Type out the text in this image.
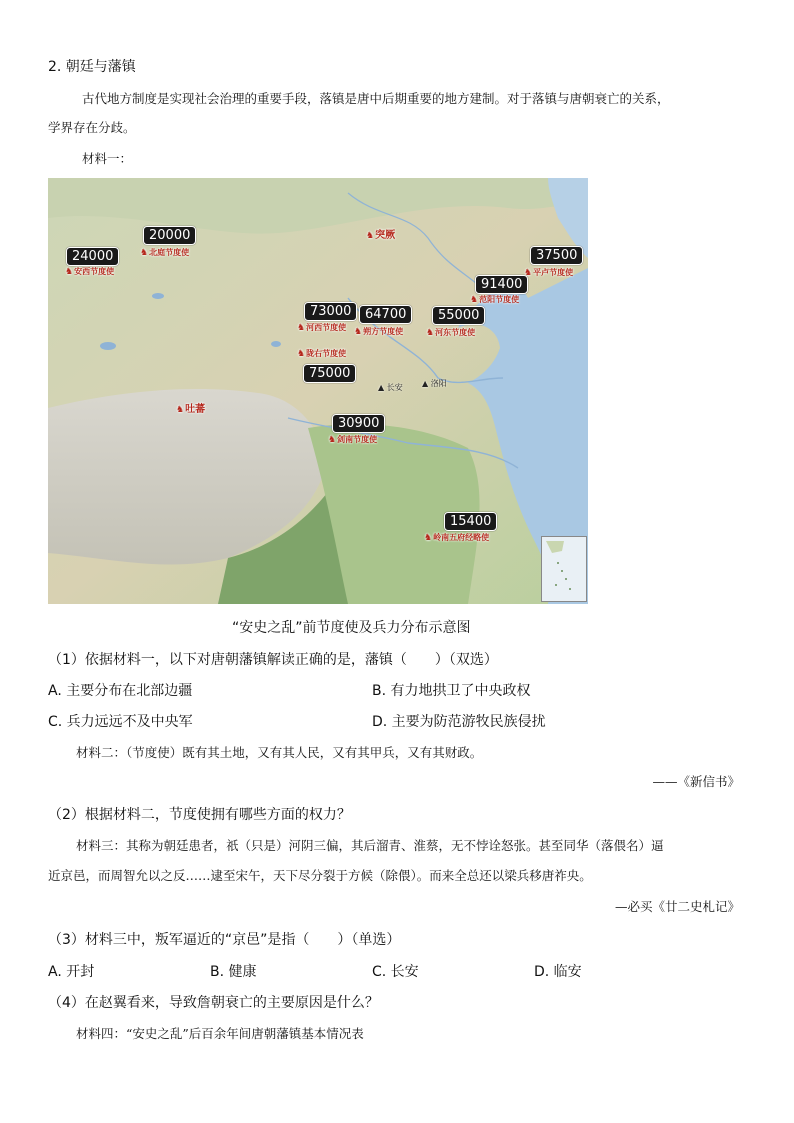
2. 朝廷与藩镇
古代地方制度是实现社会治理的重要手段，落镇是唐中后期重要的地方建制。对于落镇与唐朝衰亡的关系，
学界存在分歧。
材料一：
20000
24000	37500
91400
73000	64700	55000
75000
30900
15400
♞安西节度使
♞北庭节度使
♞平卢节度使
♞范阳节度使
♞河西节度使 ♞朔方节度使	♞河东节度使
♞陇右节度使
♞剑南节度使
♞岭南五府经略使
♞突厥
♞吐蕃
▲ 长安 ▲ 洛阳
“安史之乱”前节度使及兵力分布示意图
（1）依据材料一，以下对唐朝藩镇解读正确的是，藩镇（　　）（双选）
A. 主要分布在北部边疆	B. 有力地拱卫了中央政权
C. 兵力远远不及中央军	D. 主要为防范游牧民族侵扰
材料二：（节度使）既有其土地，又有其人民，又有其甲兵，又有其财政。
——《新信书》
（2）根据材料二，节度使拥有哪些方面的权力？
材料三：其称为朝廷患者，祇（只是）河阴三偏，其后溜青、淮蔡，无不悖诠怒张。甚至同华（落偎名）逼
近京邑，而周智允以之反……逮至宋午，天下尽分裂于方候（除偎）。而来全总还以梁兵移唐祚央。
—必买《廿二史札记》
（3）材料三中，叛军逼近的“京邑”是指（　　）（单选）
A. 开封	B. 健康	C. 长安	D. 临安
（4）在赵翼看来，导致詹朝衰亡的主要原因是什么？
材料四：“安史之乱”后百余年间唐朝藩镇基本情况表
